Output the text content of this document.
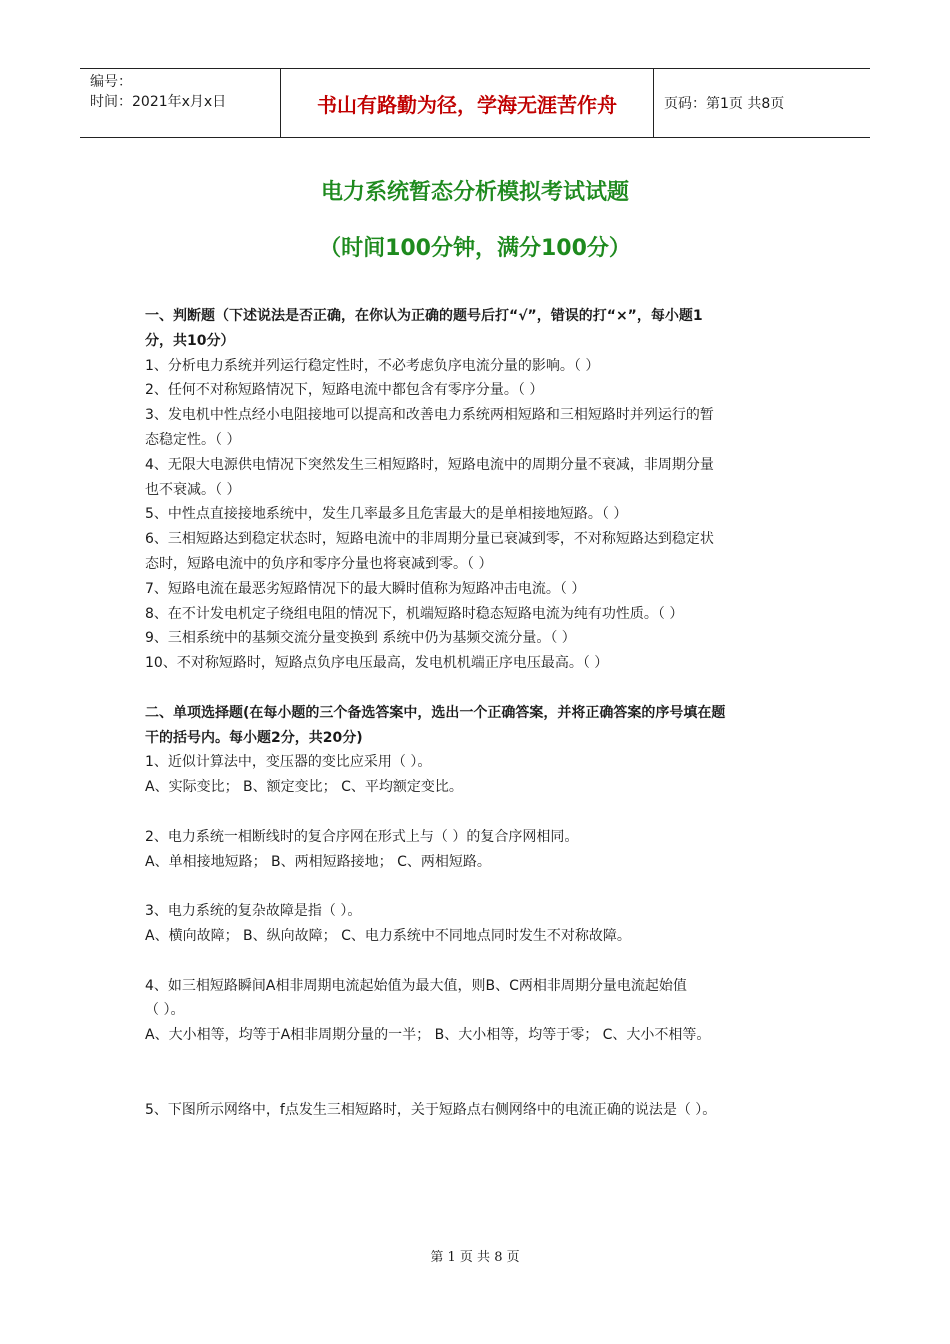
编号：
时间：2021年x月x日	书山有路勤为径，学海无涯苦作舟	页码：第1页 共8页
电力系统暂态分析模拟考试试题
（时间100分钟，满分100分）
一、判断题（下述说法是否正确，在你认为正确的题号后打“√”，错误的打“×”，每小题1
分，共10分）
1、分析电力系统并列运行稳定性时，不必考虑负序电流分量的影响。（ ）
2、任何不对称短路情况下，短路电流中都包含有零序分量。（ ）
3、发电机中性点经小电阻接地可以提高和改善电力系统两相短路和三相短路时并列运行的暂
态稳定性。（ ）
4、无限大电源供电情况下突然发生三相短路时，短路电流中的周期分量不衰减，非周期分量
也不衰减。（ ）
5、中性点直接接地系统中，发生几率最多且危害最大的是单相接地短路。（ ）
6、三相短路达到稳定状态时，短路电流中的非周期分量已衰减到零，不对称短路达到稳定状
态时，短路电流中的负序和零序分量也将衰减到零。（ ）
7、短路电流在最恶劣短路情况下的最大瞬时值称为短路冲击电流。（ ）
8、在不计发电机定子绕组电阻的情况下，机端短路时稳态短路电流为纯有功性质。（ ）
9、三相系统中的基频交流分量变换到 系统中仍为基频交流分量。（ ）
10、不对称短路时，短路点负序电压最高，发电机机端正序电压最高。（ ）
二、单项选择题(在每小题的三个备选答案中，选出一个正确答案，并将正确答案的序号填在题
干的括号内。每小题2分，共20分)
1、近似计算法中，变压器的变比应采用（ ）。
A、实际变比； B、额定变比； C、平均额定变比。
2、电力系统一相断线时的复合序网在形式上与（ ）的复合序网相同。
A、单相接地短路； B、两相短路接地； C、两相短路。
3、电力系统的复杂故障是指（ ）。
A、横向故障； B、纵向故障； C、电力系统中不同地点同时发生不对称故障。
4、如三相短路瞬间A相非周期电流起始值为最大值，则B、C两相非周期分量电流起始值
（ ）。
A、大小相等，均等于A相非周期分量的一半； B、大小相等，均等于零； C、大小不相等。
5、下图所示网络中，f点发生三相短路时，关于短路点右侧网络中的电流正确的说法是（ ）。
第 1 页 共 8 页
